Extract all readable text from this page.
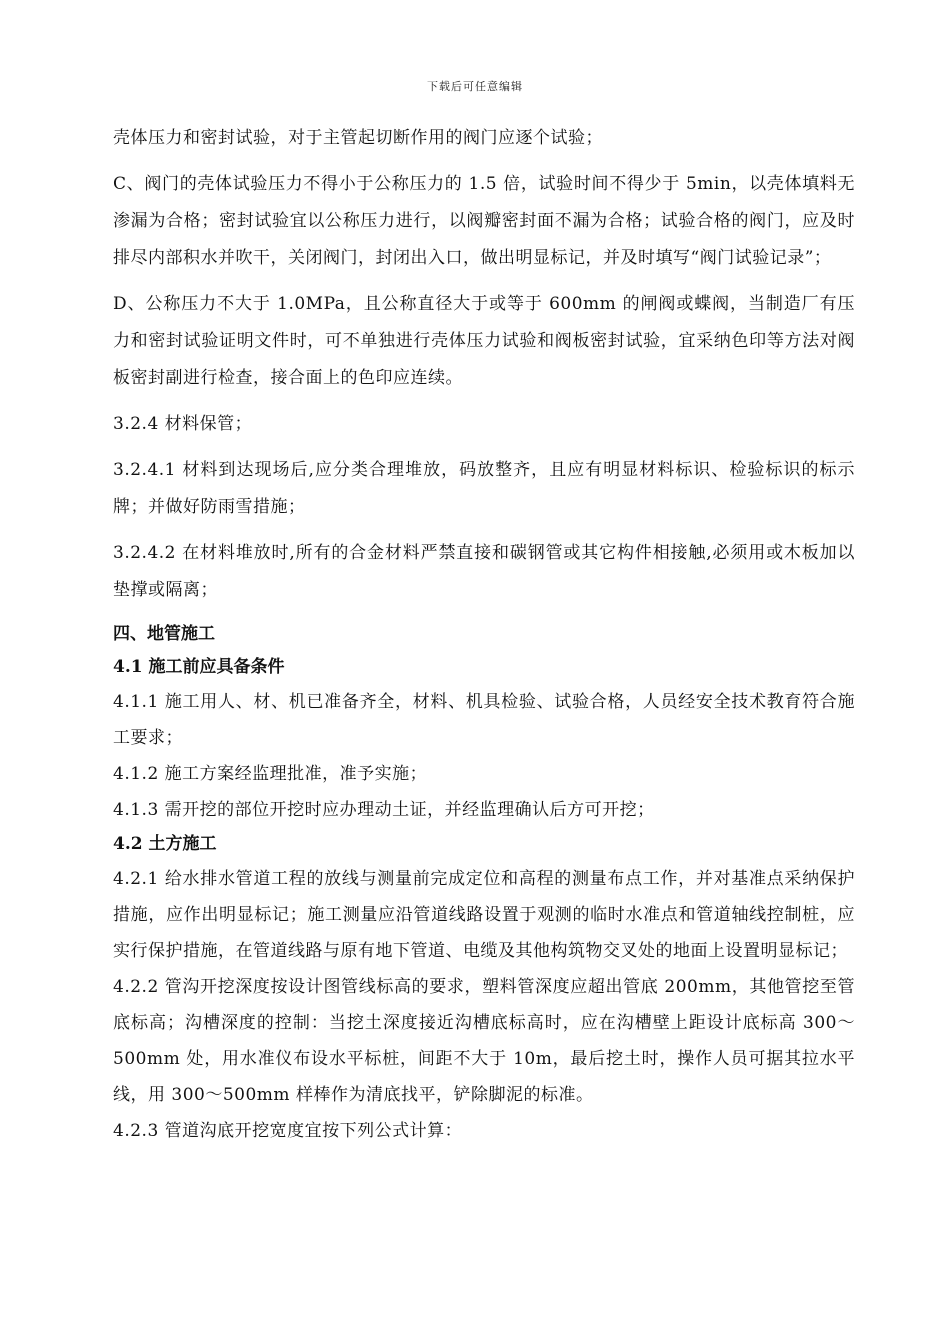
下载后可任意编辑

壳体压力和密封试验，对于主管起切断作用的阀门应逐个试验；

C、阀门的壳体试验压力不得小于公称压力的 1.5 倍，试验时间不得少于 5min，以壳体填料无渗漏为合格；密封试验宜以公称压力进行，以阀瓣密封面不漏为合格；试验合格的阀门，应及时排尽内部积水并吹干，关闭阀门，封闭出入口，做出明显标记，并及时填写“阀门试验记录”；

D、公称压力不大于 1.0MPa，且公称直径大于或等于 600mm 的闸阀或蝶阀，当制造厂有压力和密封试验证明文件时，可不单独进行壳体压力试验和阀板密封试验，宜采纳色印等方法对阀板密封副进行检查，接合面上的色印应连续。

3.2.4 材料保管；

3.2.4.1 材料到达现场后,应分类合理堆放，码放整齐，且应有明显材料标识、检验标识的标示牌；并做好防雨雪措施；

3.2.4.2 在材料堆放时,所有的合金材料严禁直接和碳钢管或其它构件相接触,必须用或木板加以垫撑或隔离；

四、地管施工

4.1 施工前应具备条件

4.1.1 施工用人、材、机已准备齐全，材料、机具检验、试验合格，人员经安全技术教育符合施工要求；

4.1.2 施工方案经监理批准，准予实施；

4.1.3 需开挖的部位开挖时应办理动土证，并经监理确认后方可开挖；

4.2 土方施工

4.2.1 给水排水管道工程的放线与测量前完成定位和高程的测量布点工作，并对基准点采纳保护措施，应作出明显标记；施工测量应沿管道线路设置于观测的临时水准点和管道轴线控制桩，应实行保护措施，在管道线路与原有地下管道、电缆及其他构筑物交叉处的地面上设置明显标记；

4.2.2 管沟开挖深度按设计图管线标高的要求，塑料管深度应超出管底 200mm，其他管挖至管底标高；沟槽深度的控制：当挖土深度接近沟槽底标高时，应在沟槽壁上距设计底标高 300～500mm 处，用水准仪布设水平标桩，间距不大于 10m，最后挖土时，操作人员可据其拉水平线，用 300～500mm 样棒作为清底找平，铲除脚泥的标准。

4.2.3 管道沟底开挖宽度宜按下列公式计算：
